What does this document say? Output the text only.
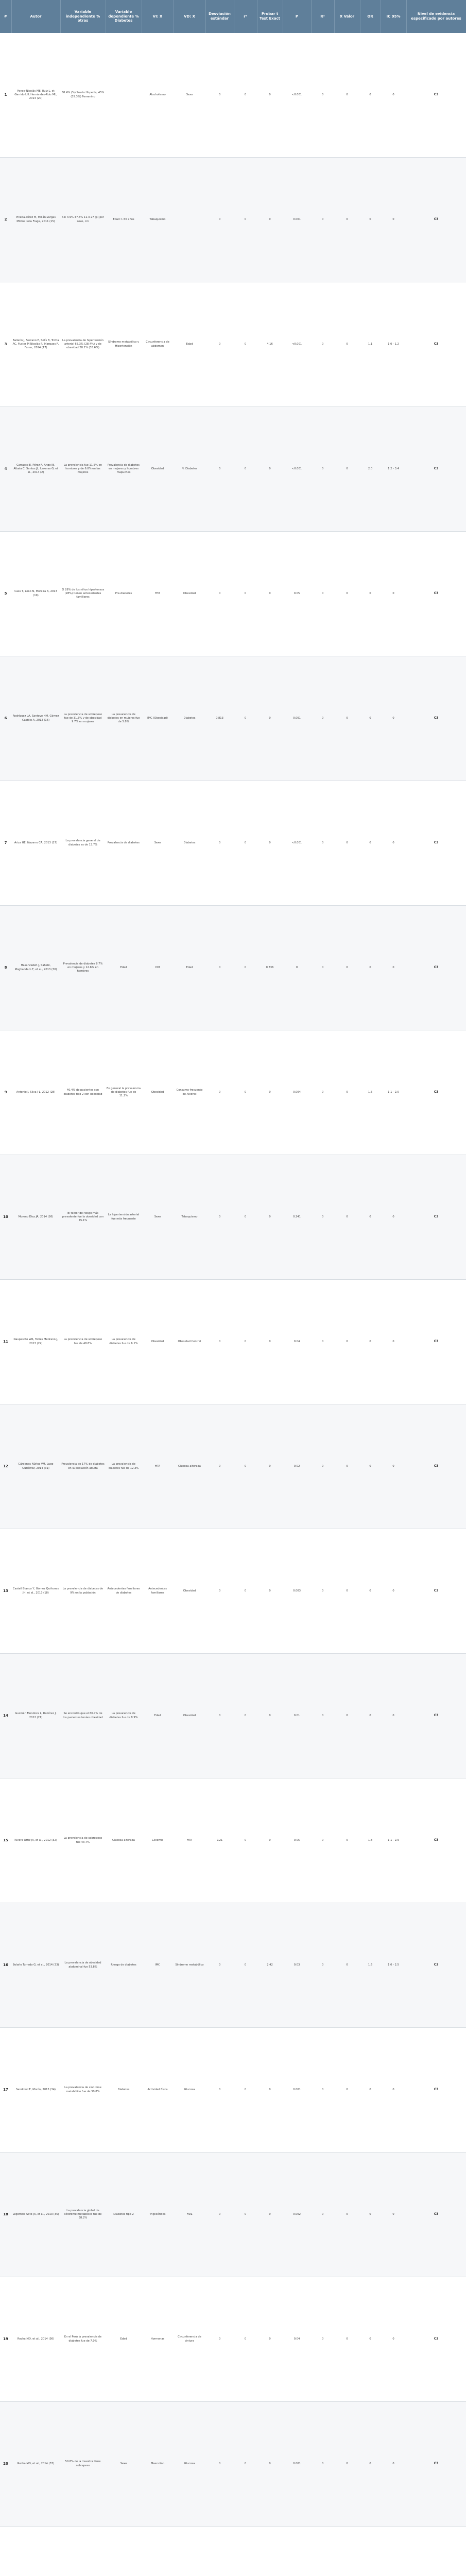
#	Autor	Variable independiente % otras	Variable dependiente % Diabetes	VI: X	VD: X	Desviación estándar	r²	Probar t Test Exact	P	R²	X Valor	OR	IC 95%	Nivel de evidencia especificado por autores
1	Ponce-Nicolás ME, Ruiz L, et Garrido LH, Hernández-Ruiz ML, 2014 (20)	58.4% (%) Sueño Hi-perte, 45% (35.3%) Femenino		Alcoholismo	Sexo	0	0	0	<0.001	0	0	0	0	C3
2	Pineda-Pérez M, Millán-Vargas Mildre Isela Fraga, 2011 (15)	Sin 4.9% 47.5% 11.3 27 (p) por sexo, cm	Edad > 60 años	Tabaquismo		0	0	0	0.001	0	0	0	0	C3
3	Ballarín J, Serrano E, Solís B, Trotta AC, Fuster M Nicolás R, Marques F, Ferrer, 2014 (17)	La prevalencia de hipertensión arterial 65.3% (28.4%) y de obesidad 28.2% (35.6%)	Síndrome metabólico y Hipertensión	Circunferencia de abdomen	Edad	0	0	4.16	<0.001	0	0	1.1	1.0 - 1.2	C3
4	Carrasco E, Pérez F, Angel B, Albala C, Santos JL, Larenas G, et al., 2014 (2)	La prevalencia fue 11.5% en hombres y de 6.8% en las mujeres	Prevalencia de diabetes en mujeres y hombres mapuches	Obesidad	N. Diabetes	0	0	0	<0.001	0	0	2.0	1.2 - 3.4	C3
5	Cass T, Leão N, Moreira A, 2013 (19)	El 28% de los niños hipertensos (28%) tienen antecedentes familiares	Pre-diabetes	HTA	Obesidad	0	0	0	0.05	0	0	0	0	C3
6	Rodríguez LA, Santoyo HM, Gómez Castillo A, 2012 (16)	La prevalencia de sobrepeso fue de 31.3% y de obesidad 9.7% en mujeres	La prevalencia de diabetes en mujeres fue de 5.8%	IMC (Obesidad)	Diabetes	0.813	0	0	0.001	0	0	0	0	C3
7	Ariza HE, Navarro CA, 2013 (27)	La prevalencia general de diabetes es de 13.7%	Prevalencia de diabetes	Sexo	Diabetes	0	0	0	<0.001	0	0	0	0	C3
8	Hasanzadeh J, Sahebi, Moghaddam F, et al., 2013 (30)	Prevalencia de diabetes 8.7% en mujeres y 12.6% en hombres	Edad	DM	Edad	0	0	0.736	0	0	0	0	0	C3
9	Antonio J, Silva J-L, 2012 (28)	40.4% de pacientes con diabetes tipo 2 con obesidad	En general la prevalencia de diabetes fue de 11.2%	Obesidad	Consumo frecuente de Alcohol	0	0	0	0.004	0	0	1.5	1.1 - 2.0	C3
10	Moreno Díaz JA, 2014 (26)	El factor de riesgo más prevalente fue la obesidad con 45.1%	La hipertensión arterial fue más frecuente	Sexo	Tabaquismo	0	0	0	0.241	0	0	0	0	C3
11	Naupasoto WR, Torres Medrano J, 2013 (29)	La prevalencia de sobrepeso fue de 48.8%	La prevalencia de diabetes fue de 6.1%	Obesidad	Obesidad Central	0	0	0	0.04	0	0	0	0	C3
12	Cárdenas Núñez VM, Lugo Gutiérrez, 2014 (31)	Prevalencia de 17% de diabetes en la población adulta	La prevalencia de diabetes fue de 12.3%	HTA	Glucosa alterada	0	0	0	0.02	0	0	0	0	C3
13	Castell Blanco Y, Gómez Quiñones JH, et al., 2013 (18)	La prevalencia de diabetes de 9% en la población	Antecedentes familiares de diabetes	Antecedentes familiares	Obesidad	0	0	0	0.003	0	0	0	0	C3
14	Guzmán Mendoza L, Ramírez J, 2012 (21)	Se encontró que el 66.7% de los pacientes tenían obesidad	La prevalencia de diabetes fue de 8.9%	Edad	Obesidad	0	0	0	0.01	0	0	0	0	C3
15	Rivera Ortiz JA, et al., 2012 (32)	La prevalencia de sobrepeso fue 43.7%	Glucosa alterada	Glicemia	HTA	2.21	0	0	0.05	0	0	1.8	1.1 - 2.9	C3
16	Bolaño Turrado G, et al., 2014 (33)	La prevalencia de obesidad abdominal fue 53.8%	Riesgo de diabetes	IMC	Síndrome metabólico	0	0	2.42	0.03	0	0	1.6	1.0 - 2.5	C3
17	Sandoval E, Morón, 2013 (34)	La prevalencia de síndrome metabólico fue de 30.8%	Diabetes	Actividad física	Glucosa	0	0	0	0.001	0	0	0	0	C3
18	Legorreta Soto JA, et al., 2013 (35)	La prevalencia global de síndrome metabólico fue de 38.2%	Diabetes tipo 2	Triglicéridos	HDL	0	0	0	0.002	0	0	0	0	C3
19	Rocha MD, et al., 2014 (36)	En el Perú la prevalencia de diabetes fue de 7.0%	Edad	Hormonas	Circunferencia de cintura	0	0	0	0.04	0	0	0	0	C3
20	Rocha MD, et al., 2014 (37)	50.8% de la muestra tiene sobrepeso	Sexo	Masculino	Glucosa	0	0	0	0.001	0	0	0	0	C3
